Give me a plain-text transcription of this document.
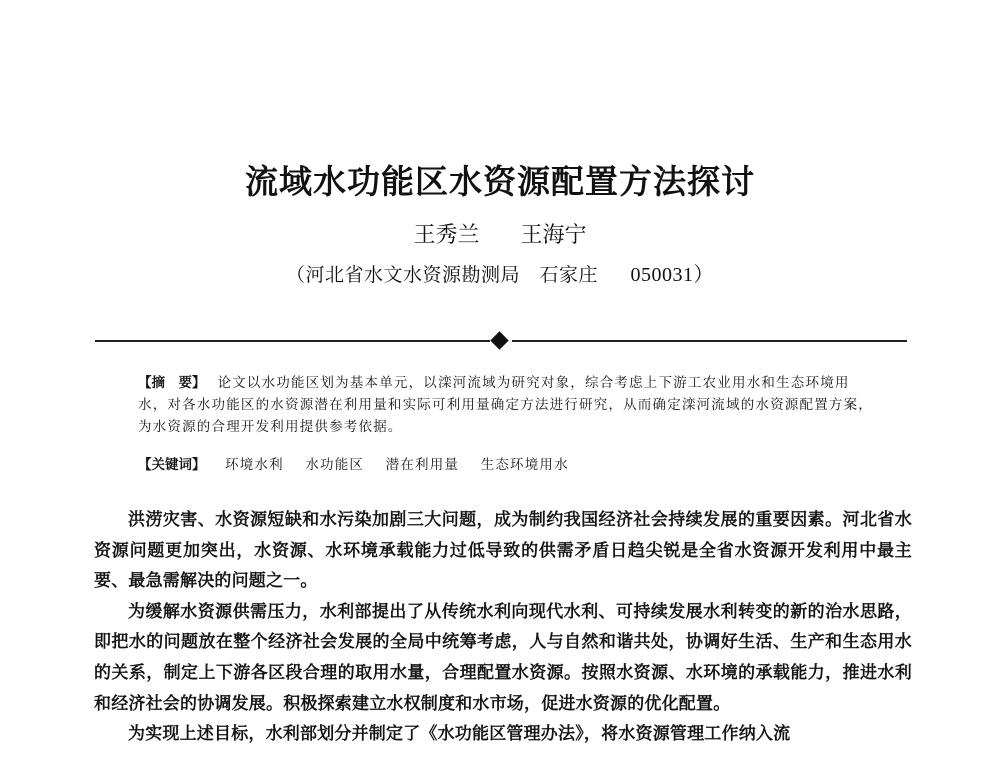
流域水功能区水资源配置方法探讨
王秀兰 王海宁
（河北省水文水资源勘测局　石家庄 050031）
【摘　要】 论文以水功能区划为基本单元，以滦河流域为研究对象，综合考虑上下游工农业用水和生态环境用水，对各水功能区的水资源潜在利用量和实际可利用量确定方法进行研究，从而确定滦河流域的水资源配置方案，为水资源的合理开发利用提供参考依据。
【关键词】 环境水利 水功能区 潜在利用量 生态环境用水

洪涝灾害、水资源短缺和水污染加剧三大问题，成为制约我国经济社会持续发展的重要因素。河北省水资源问题更加突出，水资源、水环境承载能力过低导致的供需矛盾日趋尖锐是全省水资源开发利用中最主要、最急需解决的问题之一。

为缓解水资源供需压力，水利部提出了从传统水利向现代水利、可持续发展水利转变的新的治水思路，即把水的问题放在整个经济社会发展的全局中统筹考虑，人与自然和谐共处，协调好生活、生产和生态用水的关系，制定上下游各区段合理的取用水量，合理配置水资源。按照水资源、水环境的承载能力，推进水利和经济社会的协调发展。积极探索建立水权制度和水市场，促进水资源的优化配置。

为实现上述目标，水利部划分并制定了《水功能区管理办法》，将水资源管理工作纳入流
